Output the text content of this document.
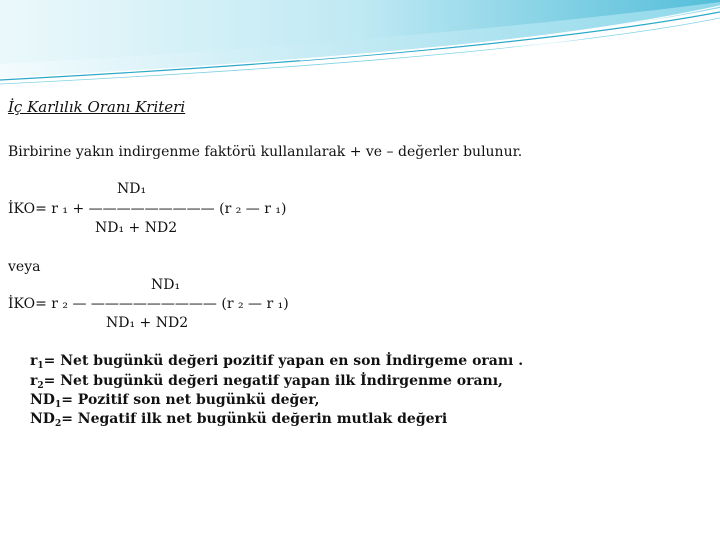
İç Karlılık Oranı Kriteri
Birbirine yakın indirgenme faktörü kullanılarak + ve – değerler bulunur.
ND₁
İKO= r ₁ + ————————— (r ₂ — r ₁)
ND₁ + ND2
veya
ND₁
İKO= r ₂ — ————————— (r ₂ — r ₁)
ND₁ + ND2
$r_1=$ Net bugünkü değeri pozitif yapan en son İndirgeme oranı .
$r_2=$ Net bugünkü değeri negatif yapan ilk İndirgenme oranı,
$ND_1=$ Pozitif son net bugünkü değer,
$ND_2=$ Negatif ilk net bugünkü değerin mutlak değeri
